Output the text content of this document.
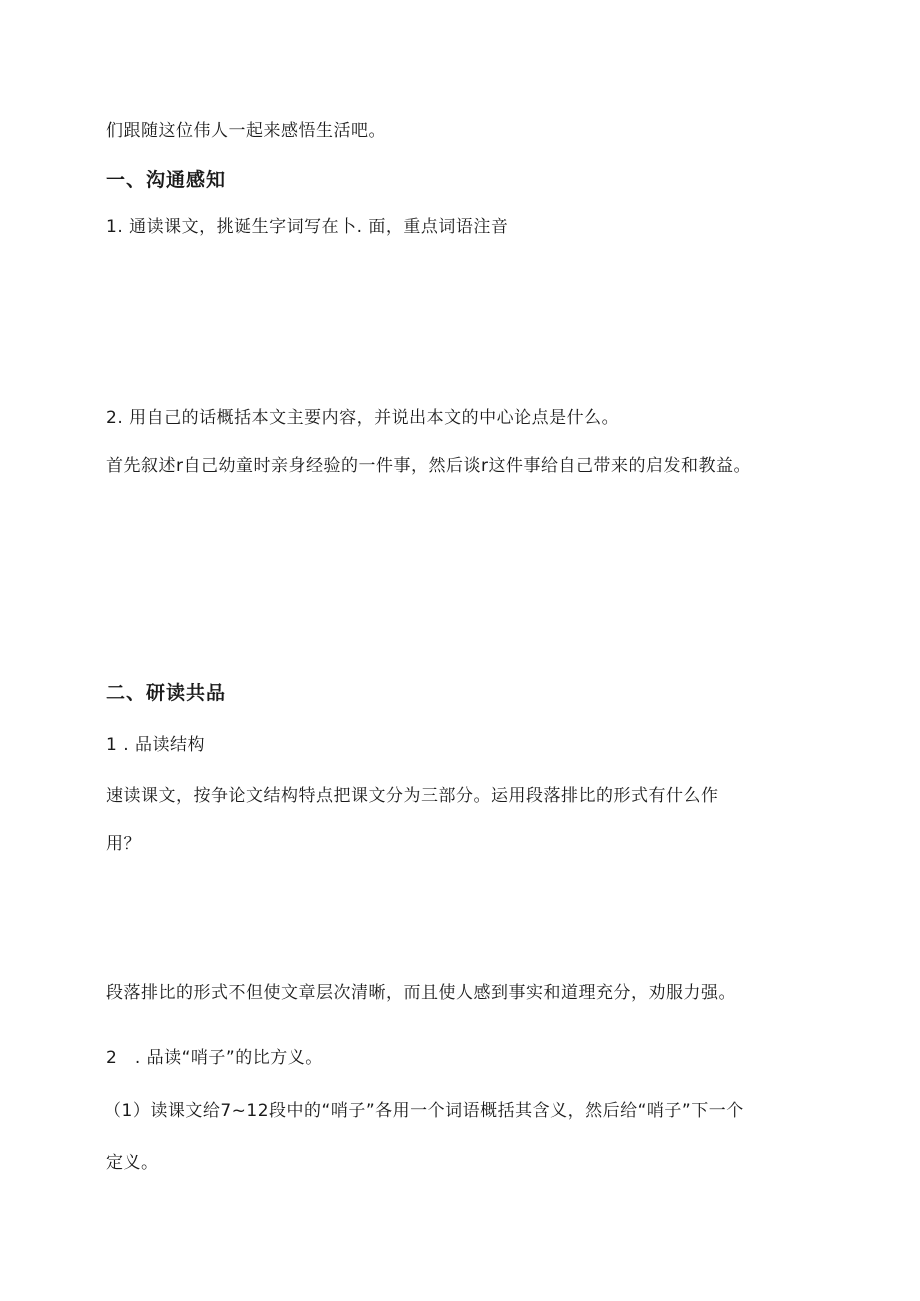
们跟随这位伟人一起来感悟生活吧。
一、沟通感知
1. 通读课文，挑诞生字词写在卜. 面，重点词语注音
2. 用自己的话概括本文主要内容，并说出本文的中心论点是什么。
首先叙述r自己幼童时亲身经验的一件事，然后谈r这件事给自己带来的启发和教益。
二、研读共品
1 . 品读结构
速读课文，按争论文结构特点把课文分为三部分。运用段落排比的形式有什么作
用？
段落排比的形式不但使文章层次清晰，而且使人感到事实和道理充分，劝服力强。
2　. 品读“哨子”的比方义。
（1）读课文给7~12段中的“哨子”各用一个词语概括其含义，然后给“哨子”下一个
定义。
